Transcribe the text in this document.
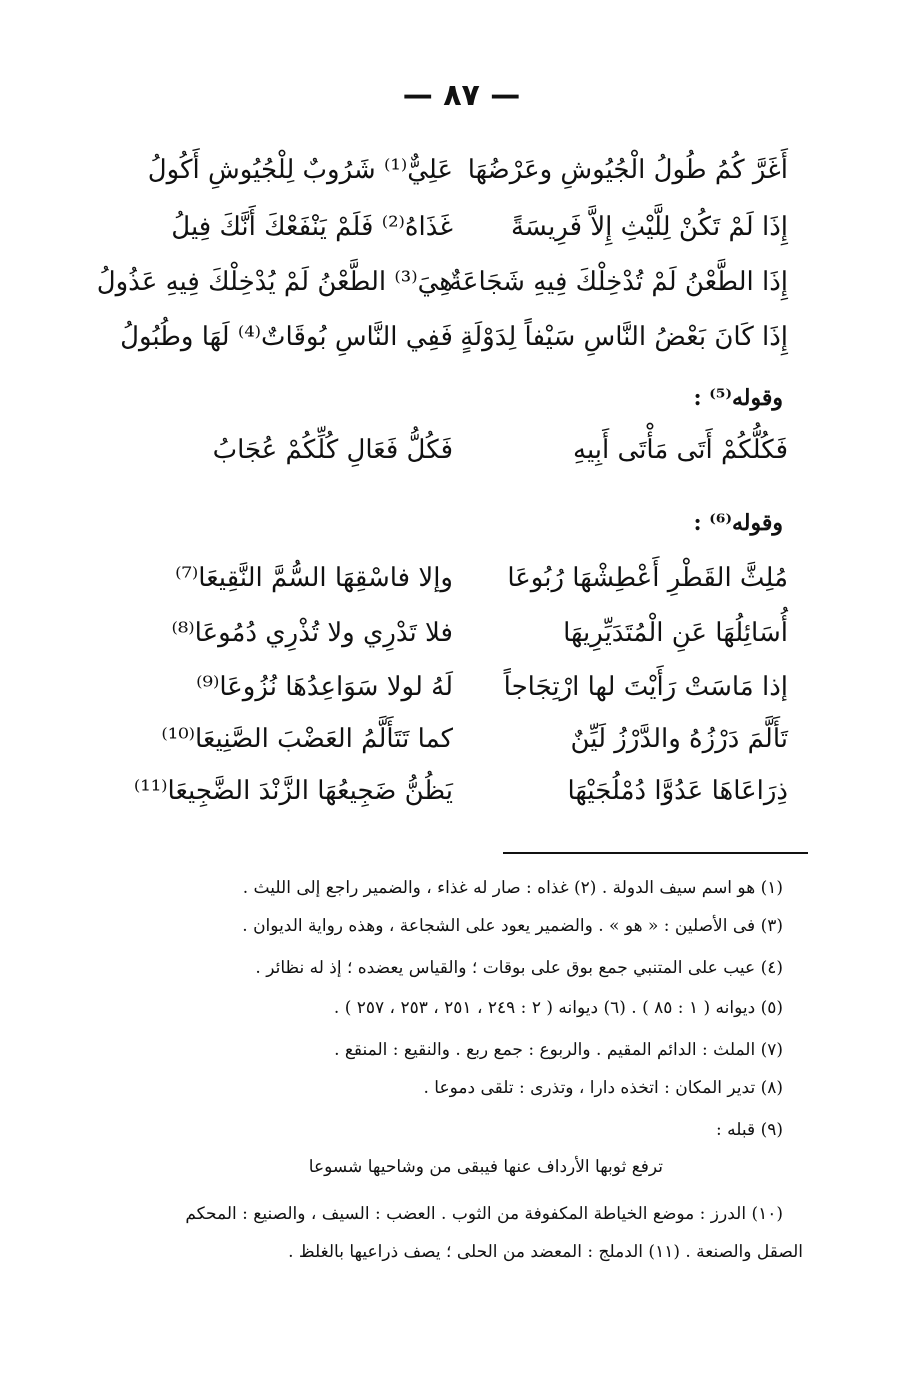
— ٨٧ —
أَغَرَّ كُمُ طُولُ الْجُيُوشِ وعَرْضُهَا
عَلِيٌّ⁽¹⁾ شَرُوبٌ لِلْجُيُوشِ أَكُولُ
إِذَا لَمْ تَكُنْ لِلَّيْثِ إِلاَّ فَرِيسَةً
غَذَاهُ⁽²⁾ فَلَمْ يَنْفَعْكَ أَنَّكَ فِيلُ
إِذَا الطَّعْنُ لَمْ تُدْخِلْكَ فِيهِ شَجَاعَةٌ
هِيَ⁽³⁾ الطَّعْنُ لَمْ يُدْخِلْكَ فِيهِ عَذُولُ
إِذَا كَانَ بَعْضُ النَّاسِ سَيْفاً لِدَوْلَةٍ
فَفِي النَّاسِ بُوقَاتٌ⁽⁴⁾ لَهَا وطُبُولُ
وقوله⁽⁵⁾ :
فَكُلُّكُمْ أَتَى مَأْتَى أَبِيهِ
فَكُلُّ فَعَالِ كُلِّكُمْ عُجَابُ
وقوله⁽⁶⁾ :
مُلِثَّ القَطْرِ أَعْطِشْهَا رُبُوعَا
وإلا فاسْقِهَا السُّمَّ النَّقِيعَا⁽⁷⁾
أُسَائِلُهَا عَنِ الْمُتَدَيِّرِيهَا
فلا تَدْرِي ولا تُذْرِي دُمُوعَا⁽⁸⁾
إذا مَاسَتْ رَأَيْتَ لها ارْتِجَاجاً
لَهُ لولا سَوَاعِدُهَا نُزُوعَا⁽⁹⁾
تَأَلَّمَ دَرْزُهُ والدَّرْزُ لَيِّنٌ
كما تَتَأَلَّمُ العَضْبَ الصَّنِيعَا⁽¹⁰⁾
ذِرَاعَاهَا عَدُوَّا دُمْلُجَيْهَا
يَظُنُّ ضَجِيعُهَا الزَّنْدَ الضَّجِيعَا⁽¹¹⁾
(١) هو اسم سيف الدولة . (٢) غذاه : صار له غذاء ، والضمير راجع إلى الليث .
(٣) فى الأصلين : « هو » . والضمير يعود على الشجاعة ، وهذه رواية الديوان .
(٤) عيب على المتنبي جمع بوق على بوقات ؛ والقياس يعضده ؛ إذ له نظائر .
(٥) ديوانه ( ١ : ٨٥ ) . (٦) ديوانه ( ٢ : ٢٤٩ ، ٢٥١ ، ٢٥٣ ، ٢٥٧ ) .
(٧) الملث : الدائم المقيم . والربوع : جمع ربع . والنقيع : المنقع .
(٨) تدير المكان : اتخذه دارا ، وتذرى : تلقى دموعا .
(٩) قبله :
ترفع ثوبها الأرداف عنها فيبقى من وشاحيها شسوعا
(١٠) الدرز : موضع الخياطة المكفوفة من الثوب . العضب : السيف ، والصنيع : المحكم
الصقل والصنعة . (١١) الدملج : المعضد من الحلى ؛ يصف ذراعيها بالغلظ .
